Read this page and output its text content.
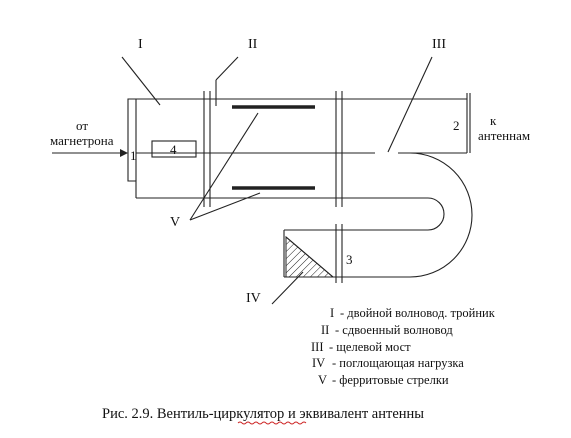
4
I	II	III
IV
V
1
2
3
от
магнетрона
к
антеннам
I - двойной волновод. тройник
II - сдвоенный волновод
III - щелевой мост
IV - поглощающая нагрузка
V - ферритовые стрелки
Рис. 2.9. Вентиль-циркулятор и эквивалент антенны
